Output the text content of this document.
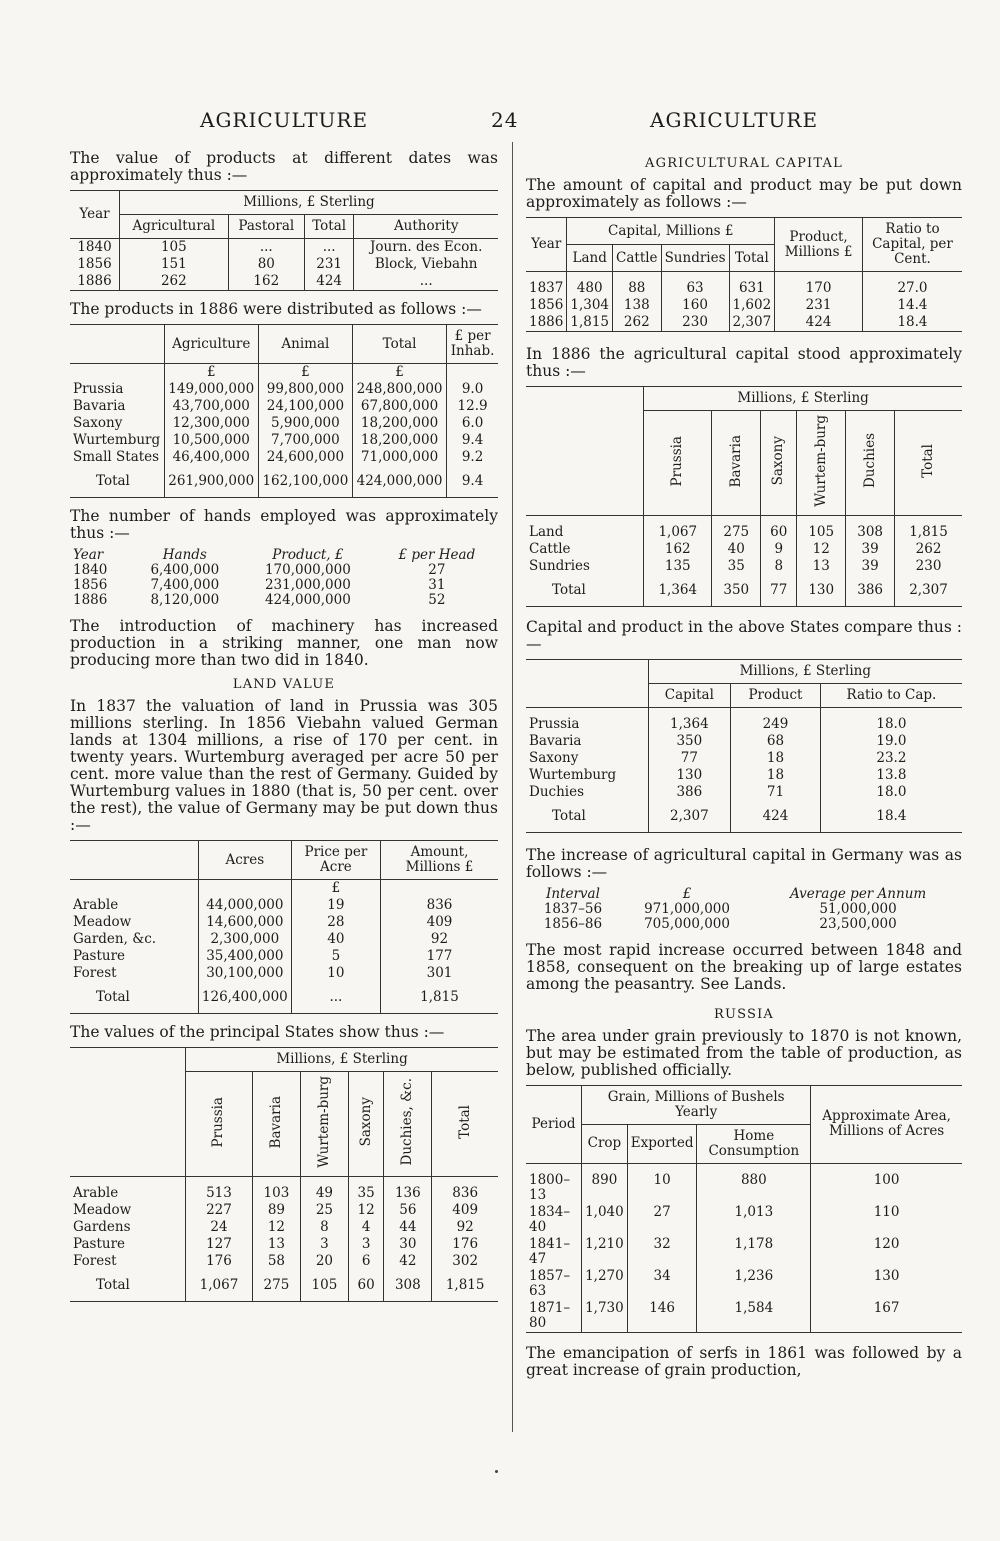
AGRICULTURE	24	AGRICULTURE

The value of products at different dates was approximately thus :—

Year	Millions, £ Sterling			
	Agricultural	Pastoral	Total	Authority
1840	105	...	...	Journ. des Econ.
1856	151	80	231	Block, Viebahn
1886	262	162	424	...

The products in 1886 were distributed as follows :—

	Agriculture	Animal	Total	£ per Inhab.
	£	£	£	
Prussia	149,000,000	99,800,000	248,800,000	9.0
Bavaria	43,700,000	24,100,000	67,800,000	12.9
Saxony	12,300,000	5,900,000	18,200,000	6.0
Wurtemburg	10,500,000	7,700,000	18,200,000	9.4
Small States	46,400,000	24,600,000	71,000,000	9.2
Total	261,900,000	162,100,000	424,000,000	9.4

The number of hands employed was approximately thus :—

Year	Hands	Product, £	£ per Head
1840	6,400,000	170,000,000	27
1856	7,400,000	231,000,000	31
1886	8,120,000	424,000,000	52

The introduction of machinery has increased production in a striking manner, one man now producing more than two did in 1840.

LAND VALUE

In 1837 the valuation of land in Prussia was 305 millions sterling. In 1856 Viebahn valued German lands at 1304 millions, a rise of 170 per cent. in twenty years. Wurtemburg averaged per acre 50 per cent. more value than the rest of Germany. Guided by Wurtemburg values in 1880 (that is, 50 per cent. over the rest), the value of Germany may be put down thus :—

	Acres	Price per Acre	Amount, Millions £
		£	
Arable	44,000,000	19	836
Meadow	14,600,000	28	409
Garden, &c.	2,300,000	40	92
Pasture	35,400,000	5	177
Forest	30,100,000	10	301
Total	126,400,000	...	1,815

The values of the principal States show thus :—

	Millions, £ Sterling					
	Prussia	Bavaria	Wurtem-burg	Saxony	Duchies, &c.	Total

Arable	513	103	49	35	136	836
Meadow	227	89	25	12	56	409
Gardens	24	12	8	4	44	92
Pasture	127	13	3	3	30	176
Forest	176	58	20	6	42	302
Total	1,067	275	105	60	308	1,815
AGRICULTURAL CAPITAL

The amount of capital and product may be put down approximately as follows :—

Year	Capital, Millions £				Product, Millions £	Ratio to Capital, per Cent.
	Land	Cattle	Sundries	Total		

1837	480	88	63	631	170	27.0
1856	1,304	138	160	1,602	231	14.4
1886	1,815	262	230	2,307	424	18.4

In 1886 the agricultural capital stood approximately thus :—

	Millions, £ Sterling					
	Prussia	Bavaria	Saxony	Wurtem-burg	Duchies	Total

Land	1,067	275	60	105	308	1,815
Cattle	162	40	9	12	39	262
Sundries	135	35	8	13	39	230
Total	1,364	350	77	130	386	2,307

Capital and product in the above States compare thus :—

	Millions, £ Sterling		
	Capital	Product	Ratio to Cap.

Prussia	1,364	249	18.0
Bavaria	350	68	19.0
Saxony	77	18	23.2
Wurtemburg	130	18	13.8
Duchies	386	71	18.0
Total	2,307	424	18.4

The increase of agricultural capital in Germany was as follows :—

Interval	£	Average per Annum
1837–56	971,000,000	51,000,000
1856–86	705,000,000	23,500,000

The most rapid increase occurred between 1848 and 1858, consequent on the breaking up of large estates among the peasantry. See Lands.

RUSSIA

The area under grain previously to 1870 is not known, but may be estimated from the table of production, as below, published officially.

Period	Grain, Millions of Bushels Yearly			Approximate Area, Millions of Acres
	Crop	Exported	Home Consumption	

1800–13	890	10	880	100
1834–40	1,040	27	1,013	110
1841–47	1,210	32	1,178	120
1857–63	1,270	34	1,236	130
1871–80	1,730	146	1,584	167

The emancipation of serfs in 1861 was followed by a great increase of grain production,
